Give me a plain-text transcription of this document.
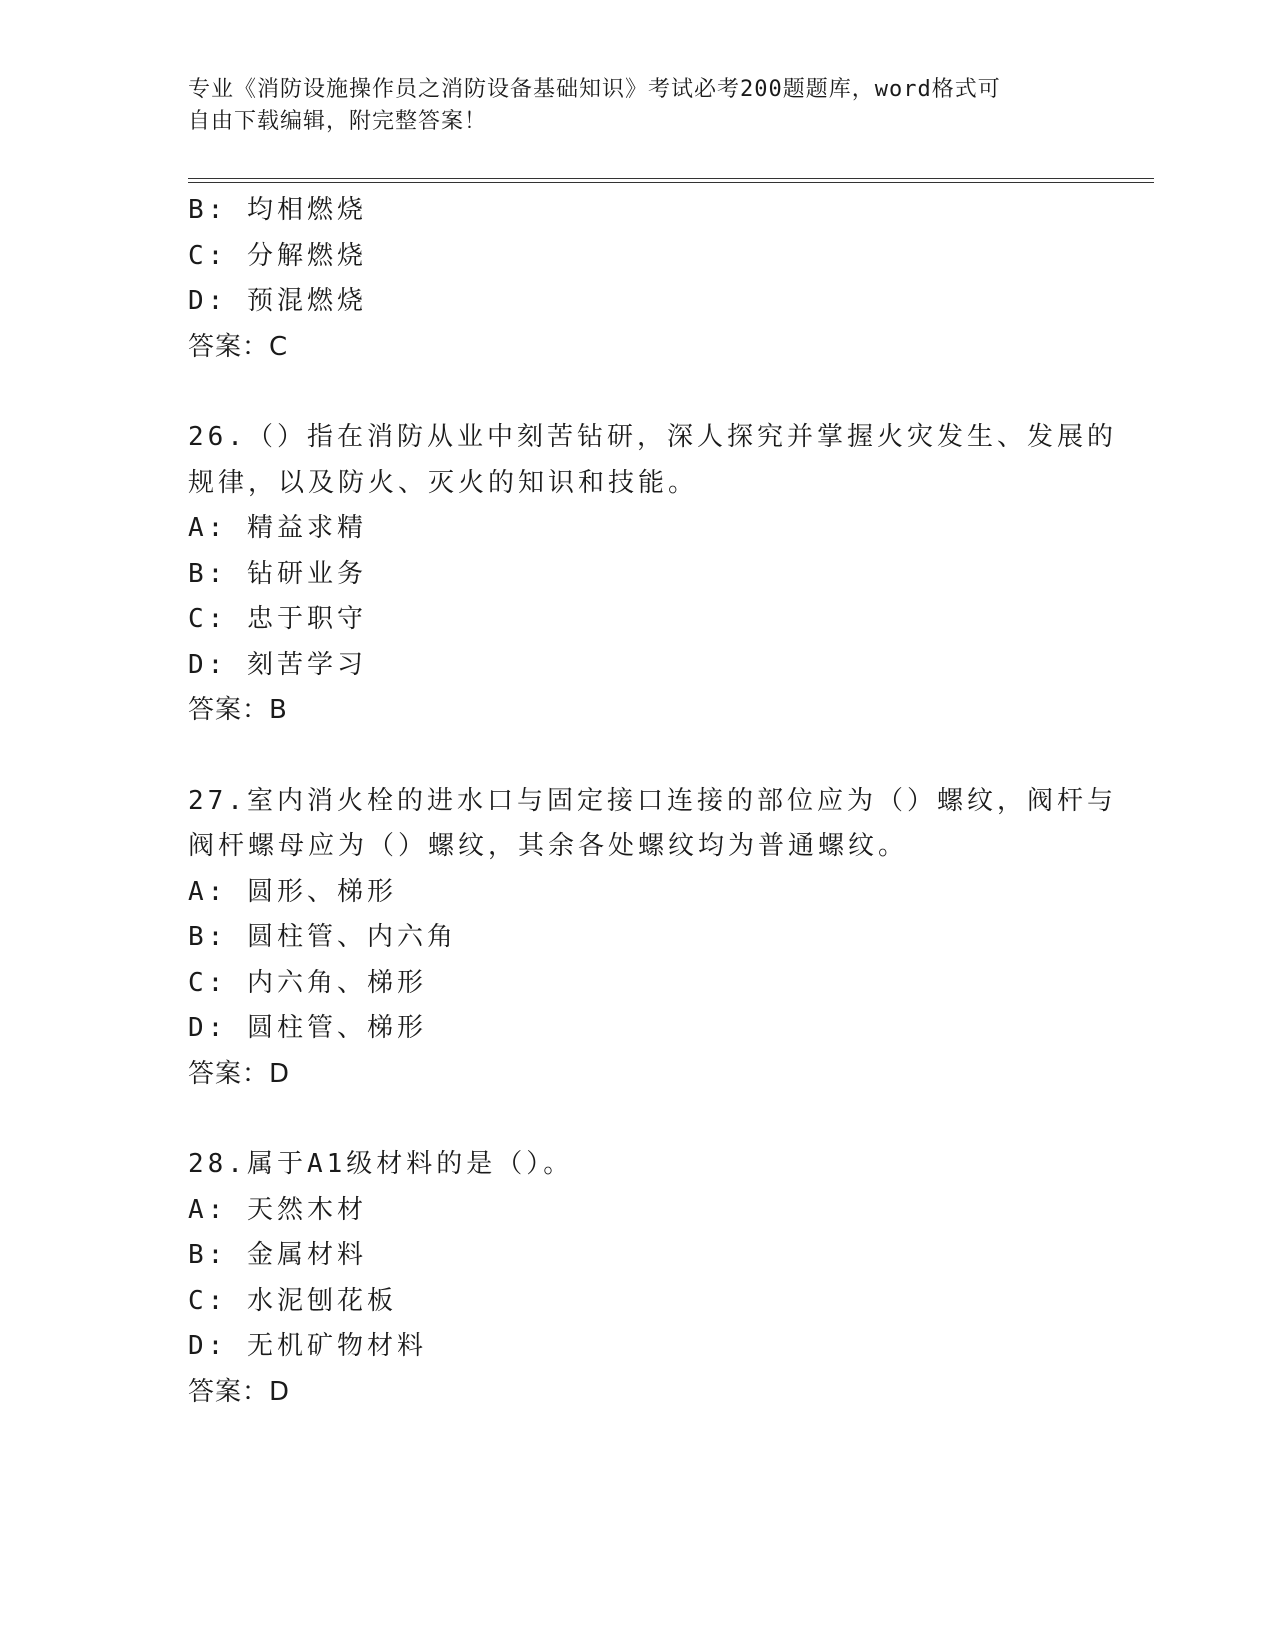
专业《消防设施操作员之消防设备基础知识》考试必考200题题库，word格式可
自由下载编辑，附完整答案！
B: 均相燃烧
C: 分解燃烧
D: 预混燃烧
答案：C
26.（）指在消防从业中刻苦钻研，深人探究并掌握火灾发生、发展的
规律，以及防火、灭火的知识和技能。
A: 精益求精
B: 钻研业务
C: 忠于职守
D: 刻苦学习
答案：B
27.室内消火栓的进水口与固定接口连接的部位应为（）螺纹，阀杆与
阀杆螺母应为（）螺纹，其余各处螺纹均为普通螺纹。
A: 圆形、梯形
B: 圆柱管、内六角
C: 内六角、梯形
D: 圆柱管、梯形
答案：D
28.属于A1级材料的是（）。
A: 天然木材
B: 金属材料
C: 水泥刨花板
D: 无机矿物材料
答案：D
